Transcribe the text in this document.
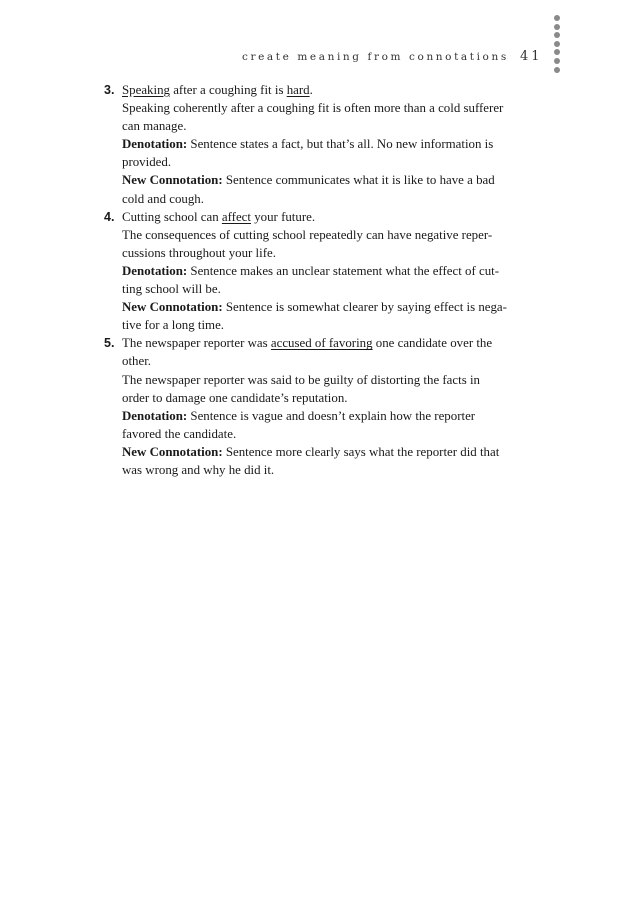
create meaning from connotations 41
3. Speaking after a coughing fit is hard.
Speaking coherently after a coughing fit is often more than a cold sufferer
can manage.
Denotation: Sentence states a fact, but that’s all. No new information is
provided.
New Connotation: Sentence communicates what it is like to have a bad
cold and cough.
4. Cutting school can affect your future.
The consequences of cutting school repeatedly can have negative reper-
cussions throughout your life.
Denotation: Sentence makes an unclear statement what the effect of cut-
ting school will be.
New Connotation: Sentence is somewhat clearer by saying effect is nega-
tive for a long time.
5. The newspaper reporter was accused of favoring one candidate over the
other.
The newspaper reporter was said to be guilty of distorting the facts in
order to damage one candidate’s reputation.
Denotation: Sentence is vague and doesn’t explain how the reporter
favored the candidate.
New Connotation: Sentence more clearly says what the reporter did that
was wrong and why he did it.
